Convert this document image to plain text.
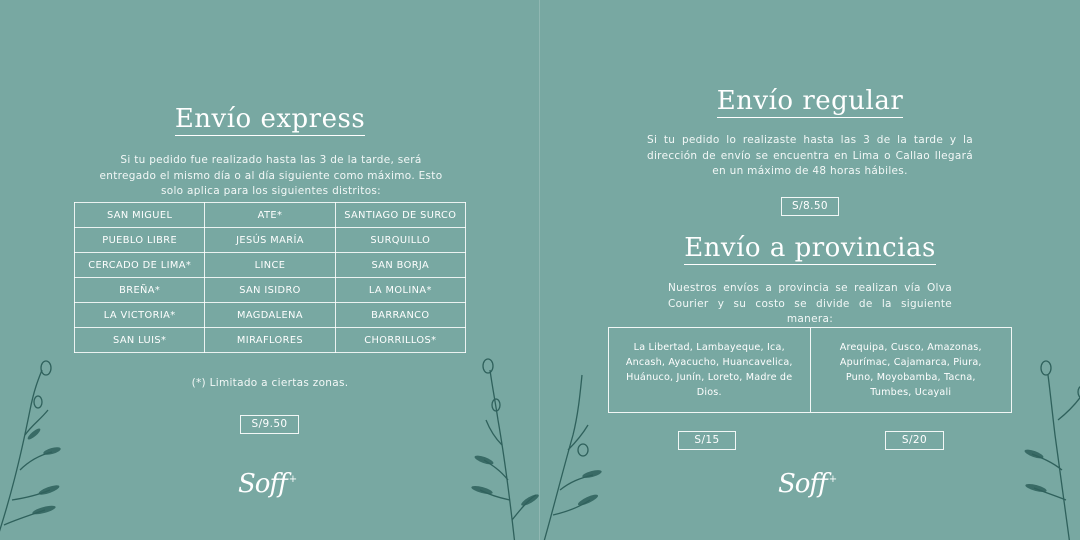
Envío express
Si tu pedido fue realizado hasta las 3 de la tarde, será entregado el mismo día o al día siguiente como máximo. Esto solo aplica para los siguientes distritos:
SAN MIGUEL	ATE*	SANTIAGO DE SURCO
PUEBLO LIBRE	JESÚS MARÍA	SURQUILLO
CERCADO DE LIMA*	LINCE	SAN BORJA
BREÑA*	SAN ISIDRO	LA MOLINA*
LA VICTORIA*	MAGDALENA	BARRANCO
SAN LUIS*	MIRAFLORES	CHORRILLOS*
(*) Limitado a ciertas zonas.
S/9.50
Soff +
Envío regular
Si tu pedido lo realizaste hasta las 3 de la tarde y la dirección de envío se encuentra en Lima o Callao llegará en un máximo de 48 horas hábiles.
S/8.50
Envío a provincias
Nuestros envíos a provincia se realizan vía Olva Courier y su costo se divide de la siguiente manera:
La Libertad, Lambayeque, Ica, Ancash, Ayacucho, Huancavelica, Huánuco, Junín, Loreto, Madre de Dios.
Arequipa, Cusco, Amazonas, Apurímac, Cajamarca, Piura, Puno, Moyobamba, Tacna, Tumbes, Ucayali
S/15	S/20
Soff +
